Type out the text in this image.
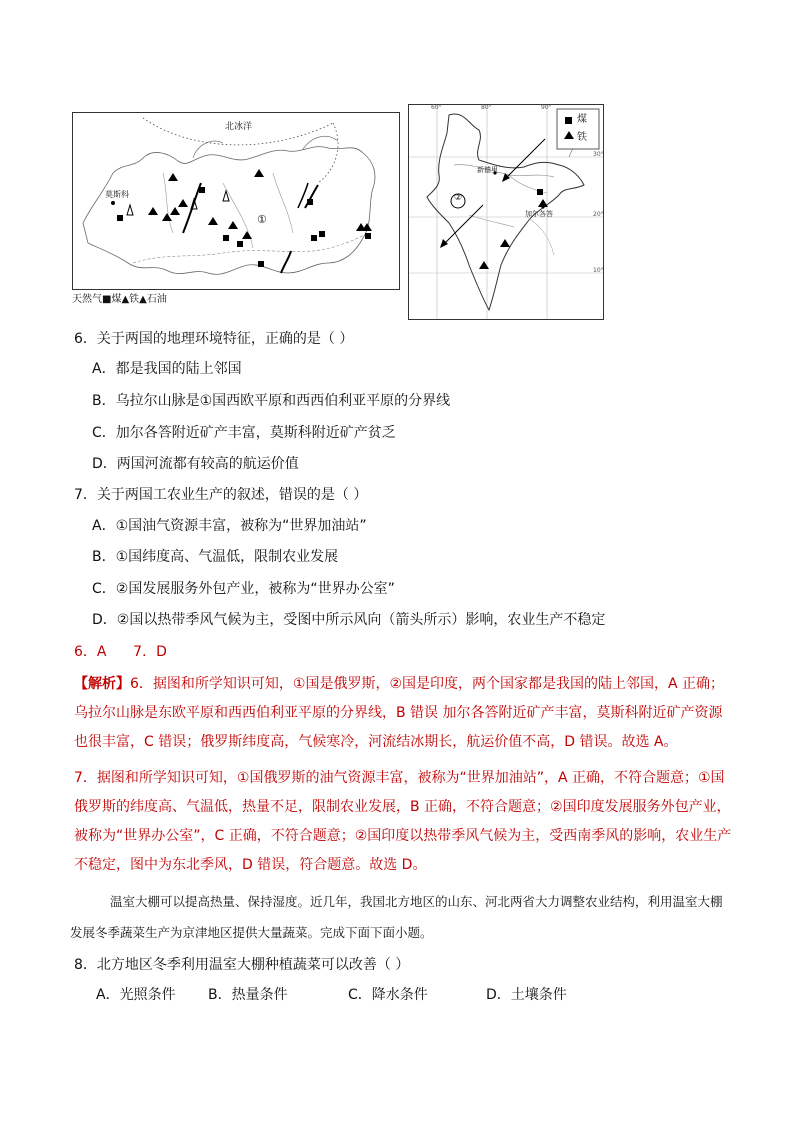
北冰洋
莫斯科
①
天然气■煤▲铁▲石油
煤
铁
新德里
加尔各答
②
60°	80°	90°
30°
20°
10°
6．关于两国的地理环境特征，正确的是（ ）
A．都是我国的陆上邻国
B．乌拉尔山脉是①国西欧平原和西西伯利亚平原的分界线
C．加尔各答附近矿产丰富，莫斯科附近矿产贫乏
D．两国河流都有较高的航运价值
7．关于两国工农业生产的叙述，错误的是（ ）
A．①国油气资源丰富，被称为“世界加油站”
B．①国纬度高、气温低，限制农业发展
C．②国发展服务外包产业，被称为“世界办公室”
D．②国以热带季风气候为主，受图中所示风向（箭头所示）影响，农业生产不稳定
6．A      7．D
【解析】6．据图和所学知识可知，①国是俄罗斯，②国是印度，两个国家都是我国的陆上邻国，A 正确；乌拉尔山脉是东欧平原和西西伯利亚平原的分界线，B 错误 加尔各答附近矿产丰富，莫斯科附近矿产资源也很丰富，C 错误；俄罗斯纬度高，气候寒冷，河流结冰期长，航运价值不高，D 错误。故选 A。
7．据图和所学知识可知，①国俄罗斯的油气资源丰富，被称为“世界加油站”，A 正确，不符合题意；①国俄罗斯的纬度高、气温低，热量不足，限制农业发展，B 正确，不符合题意；②国印度发展服务外包产业，被称为“世界办公室”，C 正确，不符合题意；②国印度以热带季风气候为主，受西南季风的影响，农业生产不稳定，图中为东北季风，D 错误，符合题意。故选 D。
温室大棚可以提高热量、保持湿度。近几年，我国北方地区的山东、河北两省大力调整农业结构，利用温室大棚发展冬季蔬菜生产为京津地区提供大量蔬菜。完成下面下面小题。
8．北方地区冬季利用温室大棚种植蔬菜可以改善（ ）
A．光照条件 B．热量条件	C．降水条件	D．土壤条件
